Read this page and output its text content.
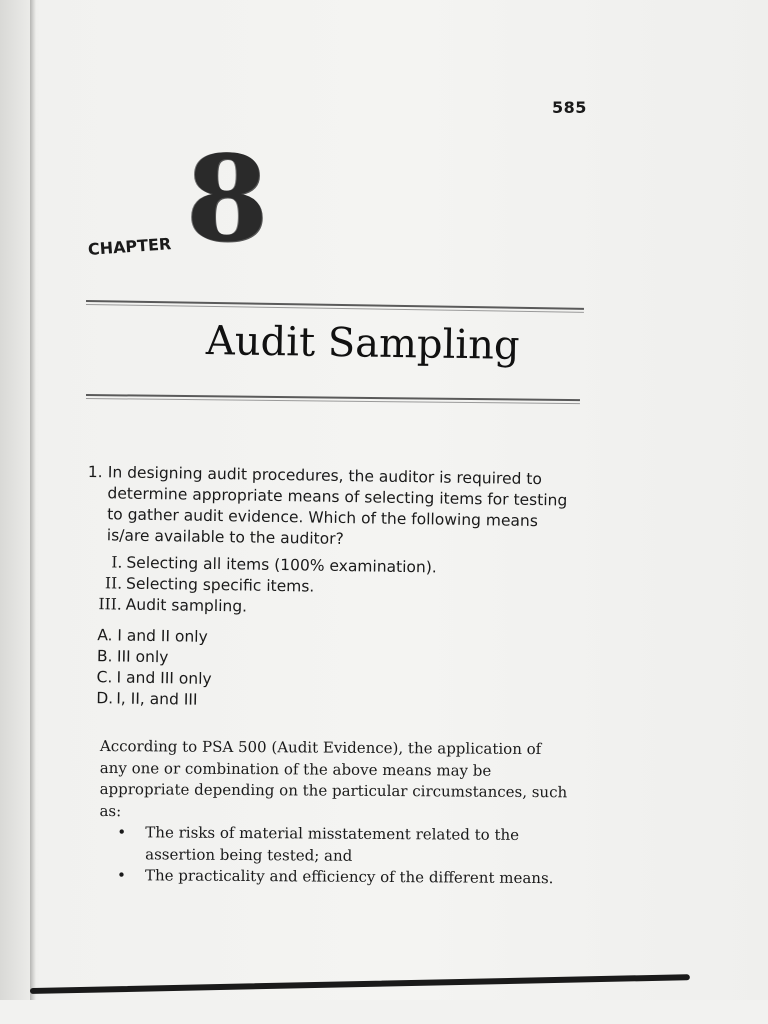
585
CHAPTER 8
Audit Sampling
1. In designing audit procedures, the auditor is required to determine appropriate means of selecting items for testing to gather audit evidence. Which of the following means is/are available to the auditor?
I. Selecting all items (100% examination).
II. Selecting specific items.
III. Audit sampling.
A. I and II only
B. III only
C. I and III only
D. I, II, and III

According to PSA 500 (Audit Evidence), the application of any one or combination of the above means may be appropriate depending on the particular circumstances, such as:

• The risks of material misstatement related to the assertion being tested; and
• The practicality and efficiency of the different means.
